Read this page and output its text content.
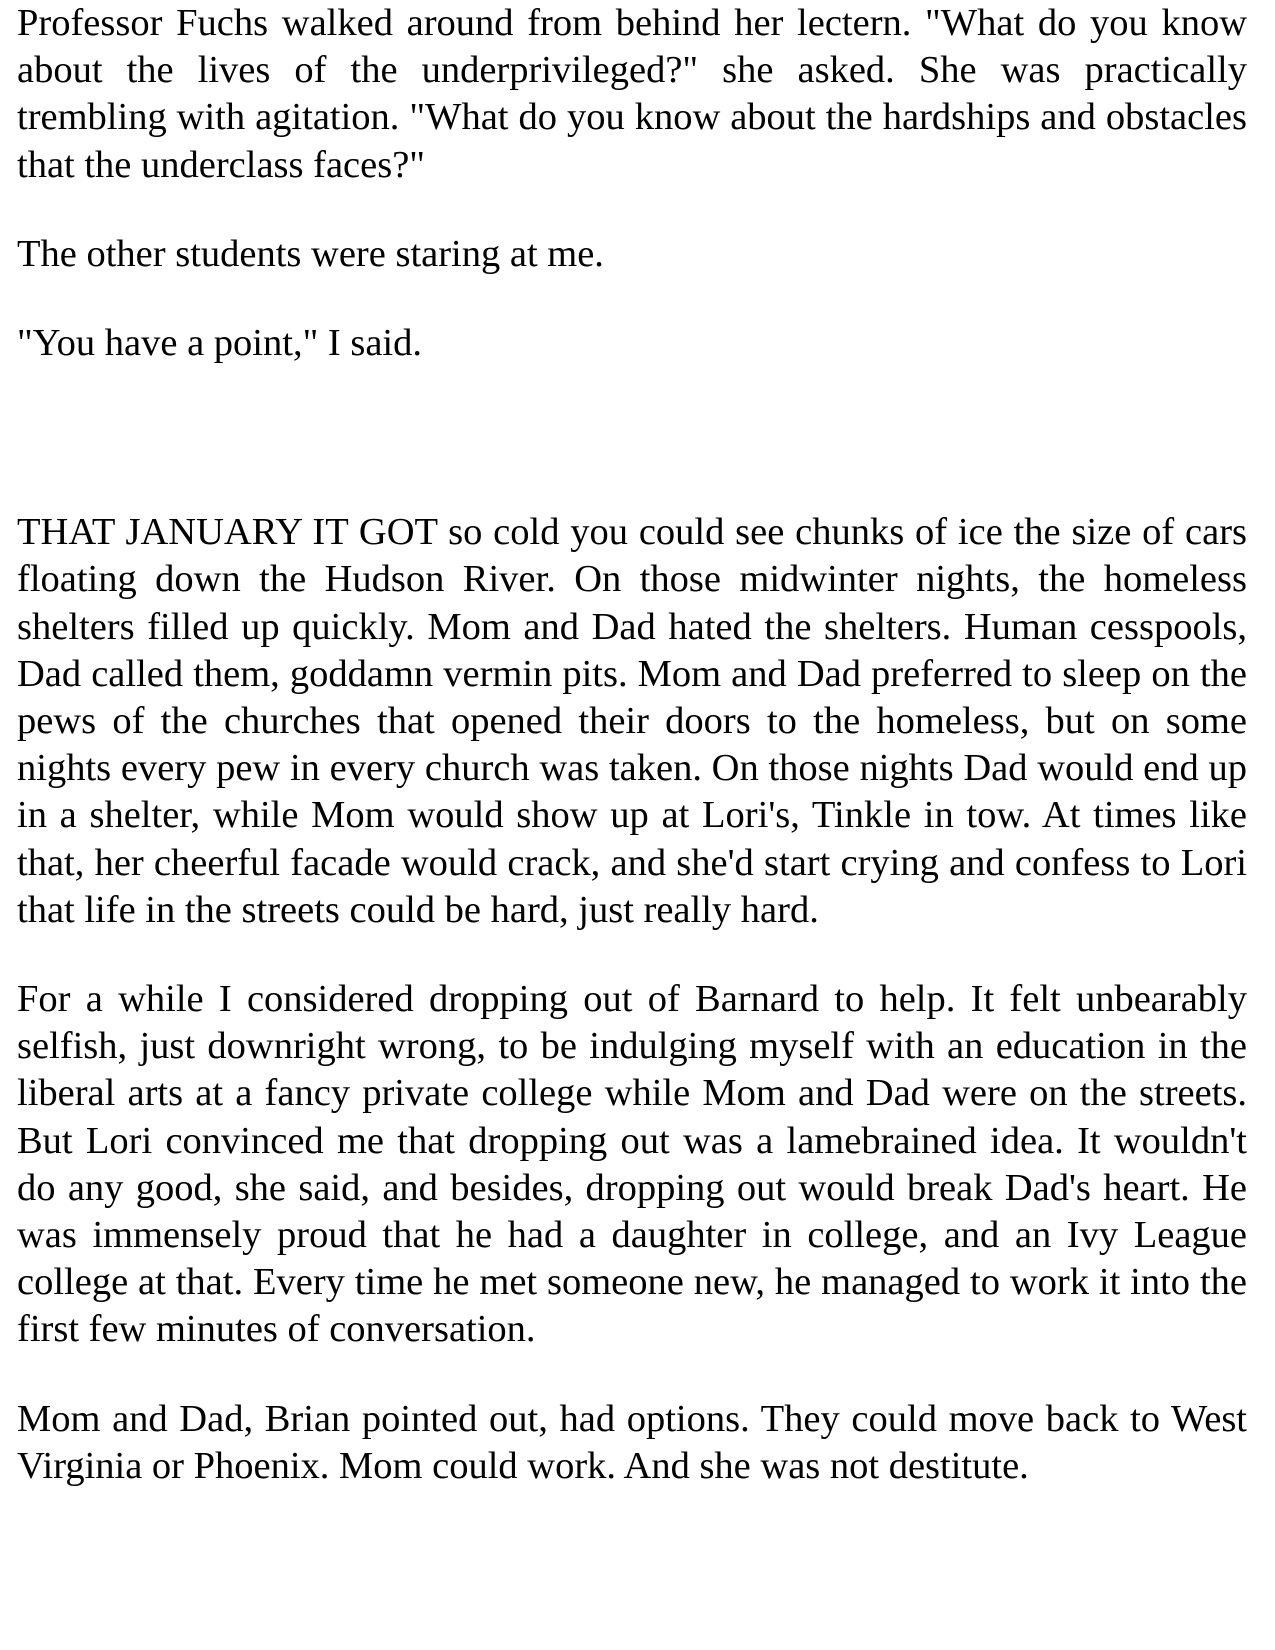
Professor Fuchs walked around from behind her lectern. "What do you know about the lives of the underprivileged?" she asked. She was practically trembling with agitation. "What do you know about the hardships and obstacles that the underclass faces?"

The other students were staring at me.

"You have a point," I said.

THAT JANUARY IT GOT so cold you could see chunks of ice the size of cars floating down the Hudson River. On those midwinter nights, the homeless shelters filled up quickly. Mom and Dad hated the shelters. Human cesspools, Dad called them, goddamn vermin pits. Mom and Dad preferred to sleep on the pews of the churches that opened their doors to the homeless, but on some nights every pew in every church was taken. On those nights Dad would end up in a shelter, while Mom would show up at Lori's, Tinkle in tow. At times like that, her cheerful facade would crack, and she'd start crying and confess to Lori that life in the streets could be hard, just really hard.

For a while I considered dropping out of Barnard to help. It felt unbearably selfish, just downright wrong, to be indulging myself with an education in the liberal arts at a fancy private college while Mom and Dad were on the streets. But Lori convinced me that dropping out was a lamebrained idea. It wouldn't do any good, she said, and besides, dropping out would break Dad's heart. He was immensely proud that he had a daughter in college, and an Ivy League college at that. Every time he met someone new, he managed to work it into the first few minutes of conversation.

Mom and Dad, Brian pointed out, had options. They could move back to West Virginia or Phoenix. Mom could work. And she was not destitute.
